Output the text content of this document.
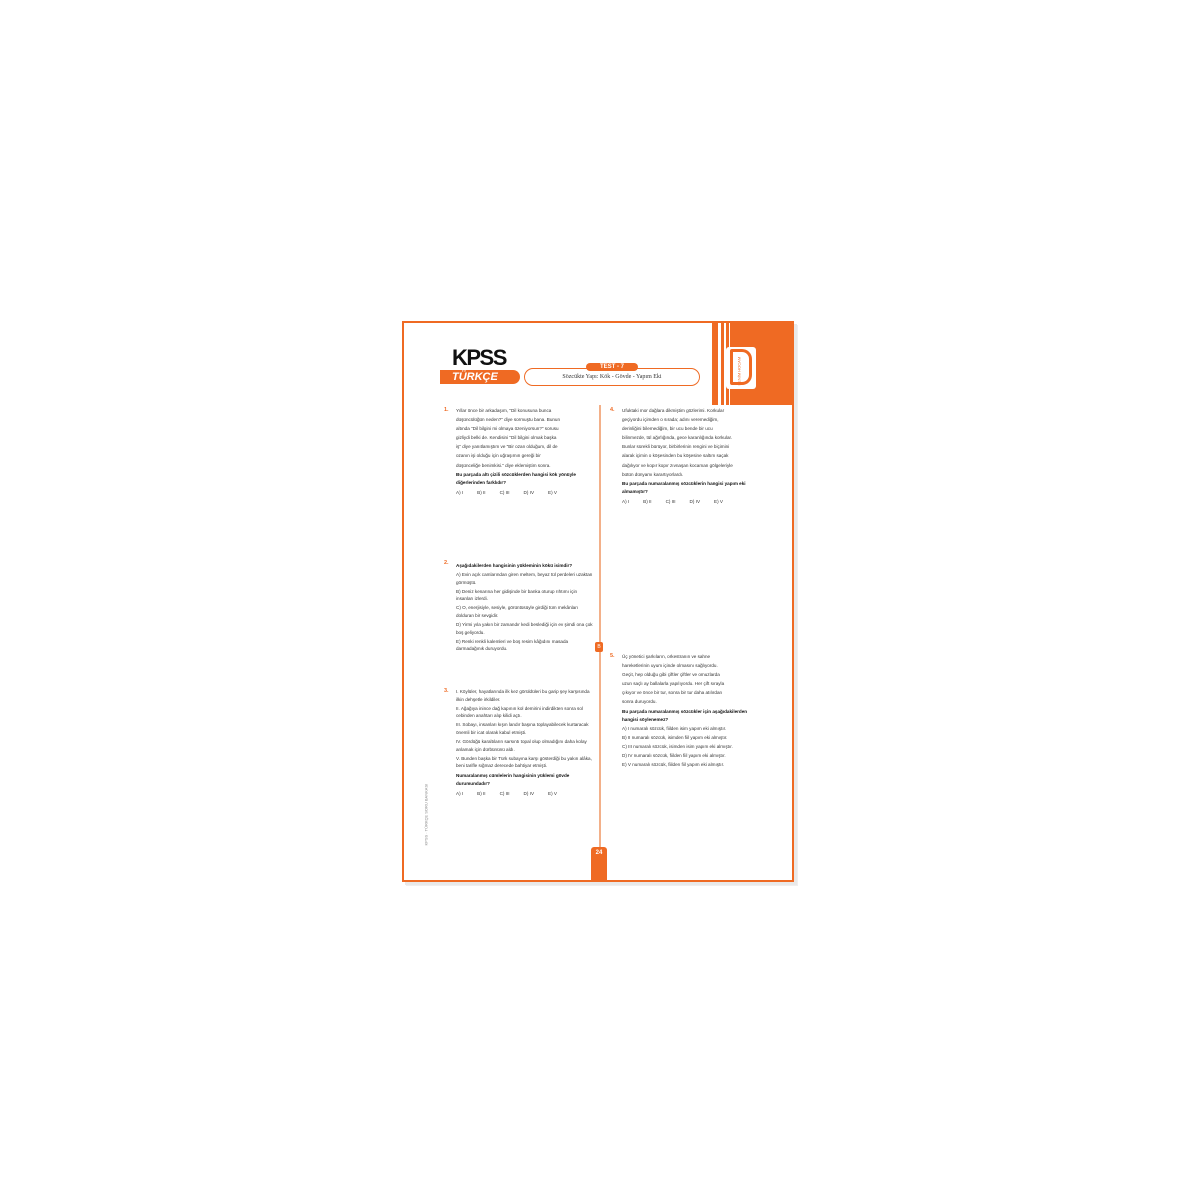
BENİM HOCAM
KPSS
TÜRKÇE	Sözcükte Yapı: Kök - Gövde - Yapım Eki
TEST - 7
B
KPSS · TÜRKÇE SORU BANKASI
24
1. Yıllar önce bir arkadaşım, "Dil konusuna bunca

düşüncülüğün neden?" diye sormuştu bana. Bunun

altında "Dil bilgini mi olmaya özeniyorsun?" sorusu

gizliydi belki de. Kendisini "Dil bilgini olmak başka

iş" diye yanıtlamıştım ve "Bir ozan olduğum, dil de

ozanın işi olduğu için uğraşımın gereği bir

düşünceliğe benimkisi." diye eklemiştim sonra.

Bu parçada altı çizili sözcüklerden hangisi kök yönüyle diğerlerinden farklıdır?

A) I	B) II	C) III	D) IV	E) V
2. Aşağıdakilerden hangisinin yükleminin kökü isimdir?

A) Evin açık camlarından giren meltem, beyaz tül perdeleri uzaktan görmüştü.

B) Deniz kenarına her gidişinde bir banka oturup rıhtımı için insanları izlerdi.

C) O, enerjisiyle, sesiyle, görüntüsüyle girdiği tüm mekânları dolduran bir sevgidir.

D) Yirmi yıla yakın bir zamandır kedi beslediği için ev şimdi ona çok boş geliyordu.

E) Renki renkli kalemleri ve boş resim kâğıdını masada darmadağınık duruyordu.

3. I. Köylüler, hayatlarında ilk kez görüldüleri bu garip şey karşısında ilkin dehşetle irkildiler.

II. Ağağıya inince dağ kapının kol demirini indirdikten sonra sol cebinden anahtarı alıp kilidi açtı.

III. Sobayı, insanları kışın landır başına toplayabilecek kurtaracak önemli bir icat olarak kabul etmişti.

IV. Gördüğü karaltıların sarsıntı topal olup olmadığını daha kolay anlamak için dürbününü aldı.

V. Bunden başka bir Türk subayına karşı gösterdiği bu yakın alâka, beni tarifle sığmaz derecede bahtiyar etmişti.

Numaralanmış cümlelerin hangisinin yüklemi gövde durumundadır?

A) I	B) II	C) III	D) IV	E) V
4. Ufuktaki mor dağlara dikmiştim gözlerimi. Korkular

geçiyordu içimden o sırada; adını veremediğim,

derinliğini bilemediğim, bir ucu bende bir ucu

bilinmezde, tül ağırlığında, gece karanlığında korkular.

Bunlar sürekli bürüyor, birbirlerinin rengini ve biçimini

alarak içimin o köşesinden bu köşesine saltım saçak

dağılıyor ve kopır kopır zıvnaşan kocaman gölgeleriyle

bütün dünyamı karartıyorlardı.

Bu parçada numaralanmış sözcüklerin hangisi yapım eki almamıştır?

A) I	B) II	C) III	D) IV	E) V
5. Üç yönetici şarkıların, orkestranın ve sahne

hareketlerinin uyum içinde olmasını sağlıyordu.

Geçit, hep olduğu gibi çiftler çiftler ve omuzlarda

uzun saçlı ay ballalarla yapılıyordu. Her çift sırayla

çıkıyor ve önce bir tur, sonra bir tur daha atılırdan

sonra duruyordu.

Bu parçada numaralanmış sözcükler için aşağıdakilerden hangisi söylenemez?

A) I numaralı sözcük, fiilden isim yapım eki almıştır.

B) II numaralı sözcük, isimden fiil yapım eki almıştır.

C) III numaralı sözcük, isimden isim yapım eki almıştır.

D) IV numaralı sözcük, fiilden fiil yapım eki almıştır.

E) V numaralı sözcük, fiilden fiil yapım eki almıştır.
